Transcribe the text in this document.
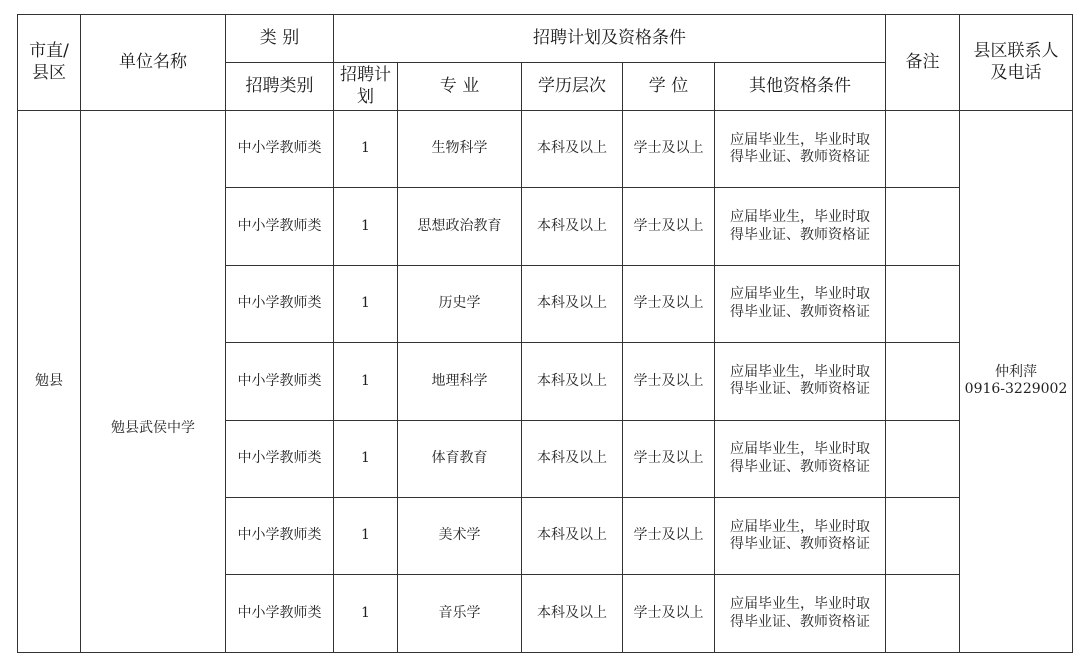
市直/
县区	单位名称	类 别	招聘计划及资格条件					备注	县区联系人
及电话

		招聘类别	招聘计
划	专 业	学历层次	学 位	其他资格条件		
勉县	勉县武侯中学	中小学教师类	1	生物科学	本科及以上	学士及以上	应届毕业生，毕业时取
得毕业证、教师资格证		仲利萍
0916-3229002

		中小学教师类	1	思想政治教育	本科及以上	学士及以上	应届毕业生，毕业时取
得毕业证、教师资格证		

		中小学教师类	1	历史学	本科及以上	学士及以上	应届毕业生，毕业时取
得毕业证、教师资格证		

		中小学教师类	1	地理科学	本科及以上	学士及以上	应届毕业生，毕业时取
得毕业证、教师资格证		

		中小学教师类	1	体育教育	本科及以上	学士及以上	应届毕业生，毕业时取
得毕业证、教师资格证		

		中小学教师类	1	美术学	本科及以上	学士及以上	应届毕业生，毕业时取
得毕业证、教师资格证		

		中小学教师类	1	音乐学	本科及以上	学士及以上	应届毕业生，毕业时取
得毕业证、教师资格证		
